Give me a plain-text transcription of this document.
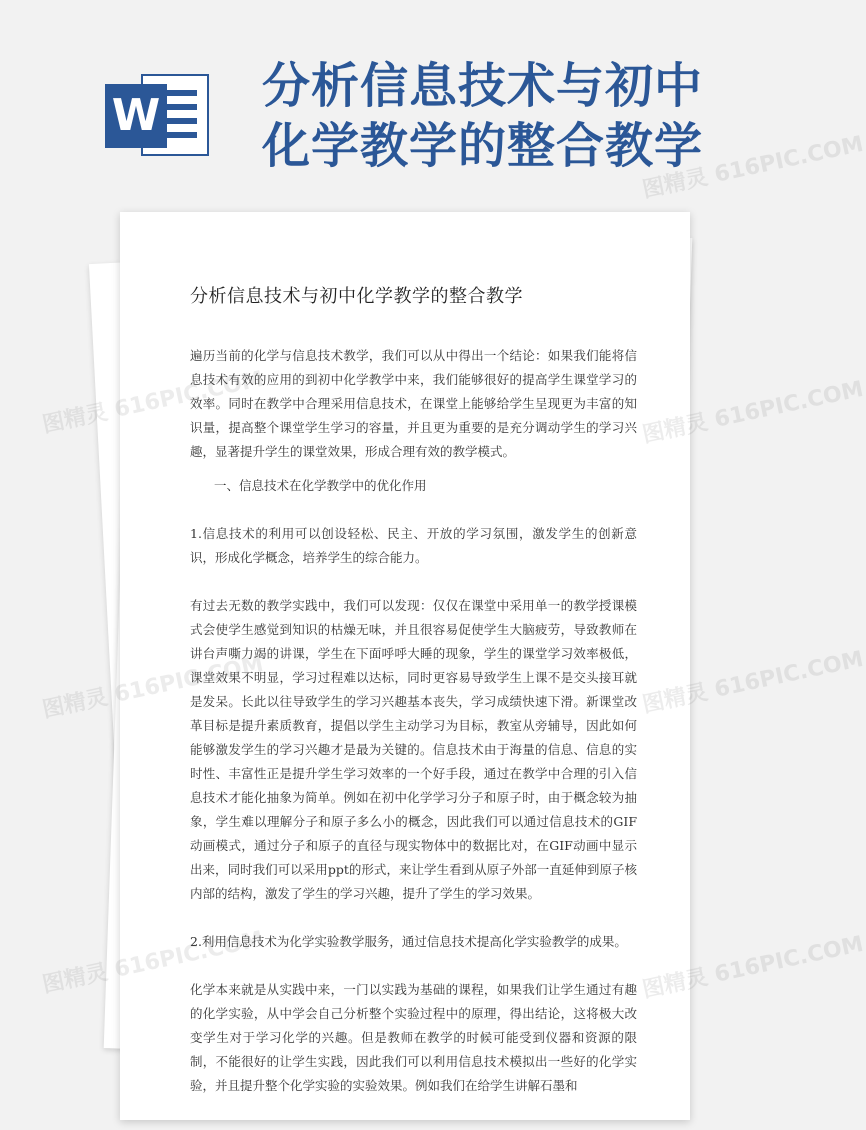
W
分析信息技术与初中化学教学的整合教学
分析信息技术与初中化学教学的整合教学

遍历当前的化学与信息技术教学，我们可以从中得出一个结论：如果我们能将信息技术有效的应用的到初中化学教学中来，我们能够很好的提高学生课堂学习的效率。同时在教学中合理采用信息技术，在课堂上能够给学生呈现更为丰富的知识量，提高整个课堂学生学习的容量，并且更为重要的是充分调动学生的学习兴趣，显著提升学生的课堂效果，形成合理有效的教学模式。

一、信息技术在化学教学中的优化作用

1.信息技术的利用可以创设轻松、民主、开放的学习氛围，激发学生的创新意识，形成化学概念，培养学生的综合能力。

有过去无数的教学实践中，我们可以发现：仅仅在课堂中采用单一的教学授课模式会使学生感觉到知识的枯燥无味，并且很容易促使学生大脑疲劳，导致教师在讲台声嘶力竭的讲课，学生在下面呼呼大睡的现象，学生的课堂学习效率极低，课堂效果不明显，学习过程难以达标，同时更容易导致学生上课不是交头接耳就是发呆。长此以往导致学生的学习兴趣基本丧失，学习成绩快速下滑。新课堂改革目标是提升素质教育，提倡以学生主动学习为目标，教室从旁辅导，因此如何能够激发学生的学习兴趣才是最为关键的。信息技术由于海量的信息、信息的实时性、丰富性正是提升学生学习效率的一个好手段，通过在教学中合理的引入信息技术才能化抽象为简单。例如在初中化学学习分子和原子时，由于概念较为抽象，学生难以理解分子和原子多么小的概念，因此我们可以通过信息技术的GIF动画模式，通过分子和原子的直径与现实物体中的数据比对，在GIF动画中显示出来，同时我们可以采用ppt的形式，来让学生看到从原子外部一直延伸到原子核内部的结构，激发了学生的学习兴趣，提升了学生的学习效果。

2.利用信息技术为化学实验教学服务，通过信息技术提高化学实验教学的成果。

化学本来就是从实践中来，一门以实践为基础的课程，如果我们让学生通过有趣的化学实验，从中学会自己分析整个实验过程中的原理，得出结论，这将极大改变学生对于学习化学的兴趣。但是教师在教学的时候可能受到仪器和资源的限制，不能很好的让学生实践，因此我们可以利用信息技术模拟出一些好的化学实验，并且提升整个化学实验的实验效果。例如我们在给学生讲解石墨和

图精灵 616PIC.COM
图精灵	图精灵 616PIC.COM
图精灵	图精灵 616PIC.COM
图精灵	图精灵 616PIC.COM
